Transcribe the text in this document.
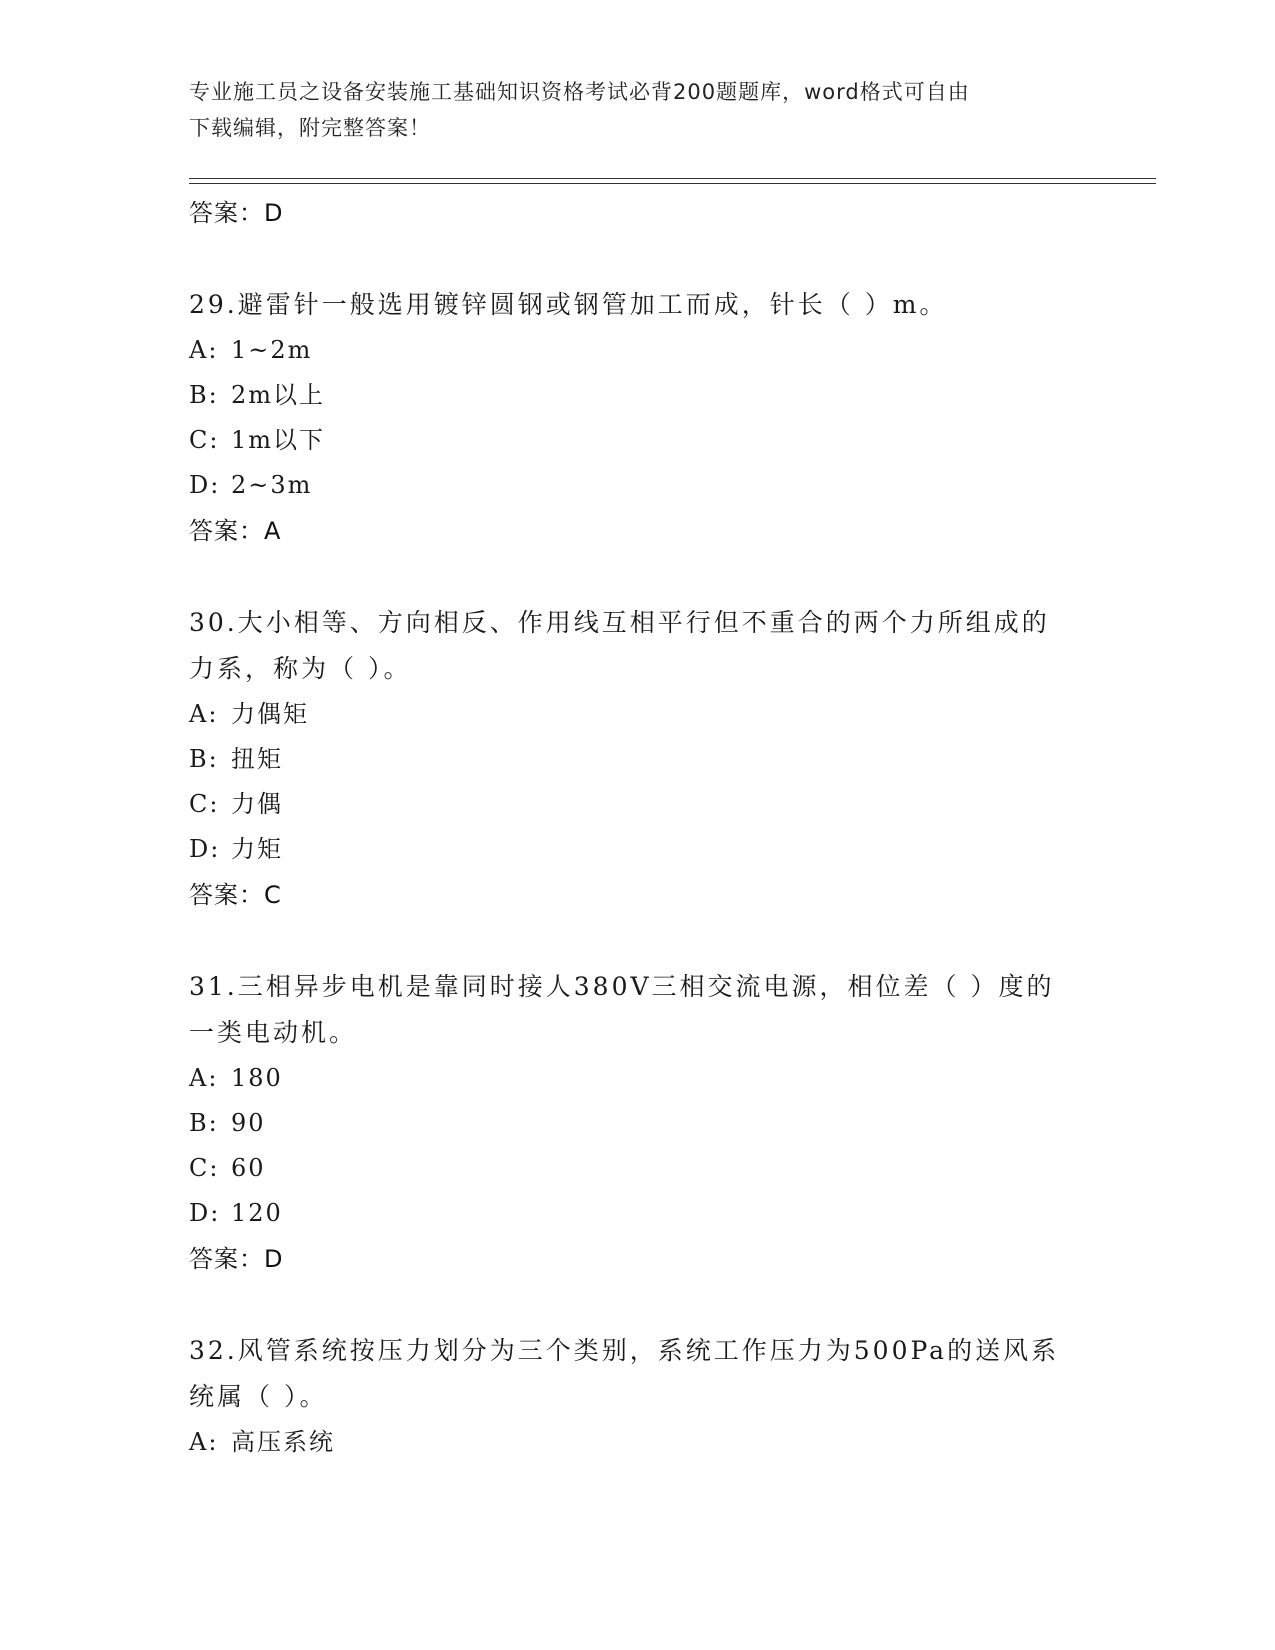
专业施工员之设备安装施工基础知识资格考试必背200题题库，word格式可自由
下载编辑，附完整答案！

答案：D

29.避雷针一般选用镀锌圆钢或钢管加工而成，针长（ ）m。

A: 1~2m

B: 2m以上

C: 1m以下

D: 2~3m

答案：A

30.大小相等、方向相反、作用线互相平行但不重合的两个力所组成的

力系，称为（ ）。

A: 力偶矩

B: 扭矩

C: 力偶

D: 力矩

答案：C

31.三相异步电机是靠同时接人380V三相交流电源，相位差（ ）度的

一类电动机。

A: 180

B: 90

C: 60

D: 120

答案：D

32.风管系统按压力划分为三个类别，系统工作压力为500Pa的送风系

统属（ ）。

A: 高压系统
